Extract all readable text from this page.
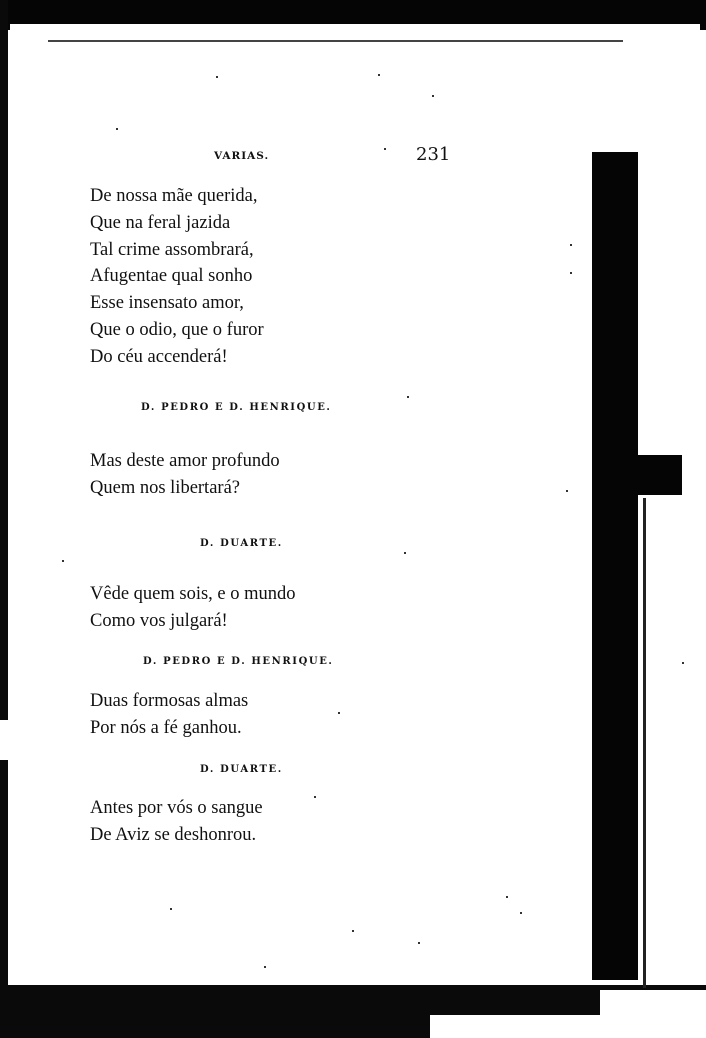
VARIAS.	231
De nossa mãe querida,
Que na feral jazida
Tal crime assombrará,
Afugentae qual sonho
Esse insensato amor,
Que o odio, que o furor
Do céu accenderá!
D. PEDRO E D. HENRIQUE.
Mas deste amor profundo
Quem nos libertará?
D. DUARTE.
Vêde quem sois, e o mundo
Como vos julgará!
D. PEDRO E D. HENRIQUE.
Duas formosas almas
Por nós a fé ganhou.
D. DUARTE.
Antes por vós o sangue
De Aviz se deshonrou.
